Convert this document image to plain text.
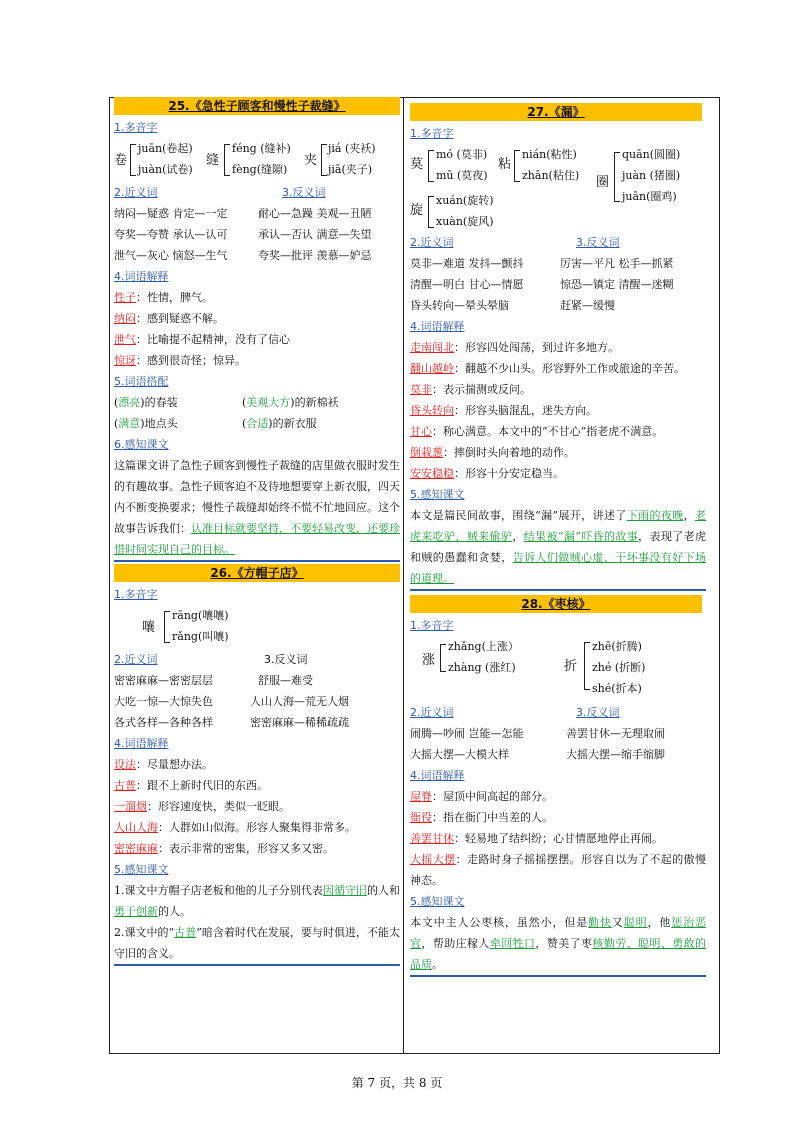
25.《急性子顾客和慢性子裁缝》
1.多音字
卷
juān(卷起)
juàn(试卷)
缝
féng (缝补)
fèng(缝隙)
夹
jiá (夹袄)
jiā(夹子)
2.近义词	3.反义词
纳闷—疑惑 肯定—一定	耐心—急躁 美观—丑陋
夸奖—夸赞 承认—认可	承认—否认 满意—失望
泄气—灰心 恼怒—生气	夸奖—批评 羡慕—妒忌
4.词语解释
性子：性情，脾气。
纳闷：感到疑惑不解。
泄气：比喻提不起精神，没有了信心
惊讶：感到很奇怪；惊异。
5.词语搭配
(漂亮)的春装	(美观大方)的新棉袄
(满意)地点头	(合适)的新衣服
6.感知课文
这篇课文讲了急性子顾客到慢性子裁缝的店里做衣服时发生的有趣故事。急性子顾客迫不及待地想要穿上新衣服，四天内不断变换要求；慢性子裁缝却始终不慌不忙地回应。这个故事告诉我们：认准目标就要坚持，不要轻易改变，还要珍惜时间实现自己的目标。
26.《方帽子店》
1.多音字
嚷
rāng(嚷嚷)
rǎng(叫嚷)
2.近义词	3.反义词
密密麻麻—密密层层	舒服—难受
大吃一惊—大惊失色	人山人海—荒无人烟
各式各样—各种各样	密密麻麻—稀稀疏疏
4.词语解释
设法：尽量想办法。
古普：跟不上新时代旧的东西。
一溜烟：形容速度快，类似一眨眼。
人山人海：人群如山似海。形容人聚集得非常多。
密密麻麻：表示非常的密集，形容又多又密。
5.感知课文
1.课文中方帽子店老板和他的儿子分别代表因循守旧的人和勇于创新的人。
2.课文中的“古普”暗含着时代在发展，要与时俱进，不能太守旧的含义。
27.《漏》
1.多音字
莫
mó (莫非)
mū (莫夜)
粘
nián(粘性)
zhān(粘住)
旋
xuán(旋转)
xuàn(旋风)
圈
quān(圆圈)
juàn (猪圈)
juān(圈鸡)
2.近义词	3.反义词
莫非—难道 发抖—颤抖	厉害—平凡 松手—抓紧
清醒—明白 甘心—情愿	惊恐—镇定 清醒—迷糊
昏头转向—晕头晕脑	赶紧—缓慢
4.词语解释
走南闯北：形容四处闯荡，到过许多地方。
翻山越岭：翻越不少山头。形容野外工作或旅途的辛苦。
莫非：表示揣测或反问。
昏头转向：形容头脑混乱，迷失方向。
甘心：称心满意。本文中的“不甘心”指老虎不满意。
倒栽葱：摔倒时头向着地的动作。
安安稳稳：形容十分安定稳当。
5.感知课文
本文是篇民间故事，围绕“漏”展开，讲述了下雨的夜晚，老虎来吃驴，贼来偷驴，结果被“漏”吓昏的故事，表现了老虎和贼的愚蠢和贪婪，告诉人们做贼心虚、干坏事没有好下场的道理。
28.《枣核》
1.多音字
涨
zhǎng(上涨）
zhàng (涨红)	折
zhē(折腾)
zhé (折断)
shé(折本)
2.近义词	3.反义词
闹腾—吵闹 岂能—怎能	善罢甘休—无理取闹
大摇大摆—大模大样	大摇大摆—缩手缩脚
4.词语解释
屋脊：屋顶中间高起的部分。
衙役：指在衙门中当差的人。
善罢甘休：轻易地了结纠纷；心甘情愿地停止再闹。
大摇大摆：走路时身子摇摇摆摆。形容自以为了不起的傲慢神态。
5.感知课文
本文中主人公枣核，虽然小，但是勤快又聪明，他惩治恶官，帮助庄稼人牵回牲口，赞美了枣核勤劳、聪明、勇敢的品质。
第 7 页，共 8 页
